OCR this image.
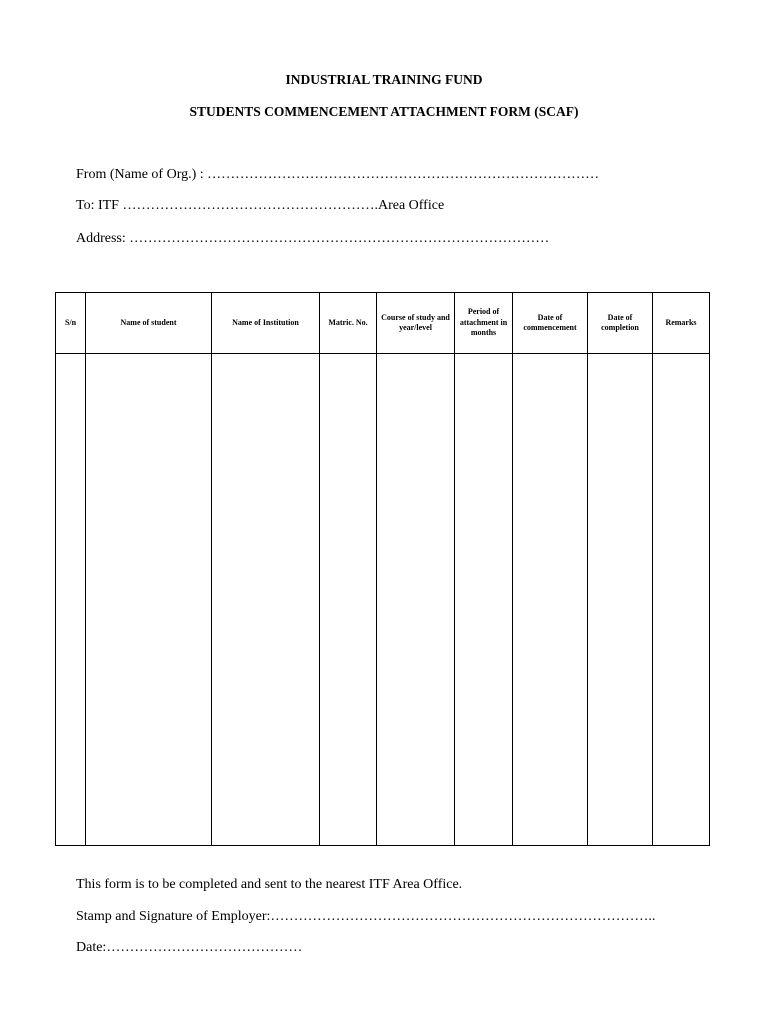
INDUSTRIAL TRAINING FUND
STUDENTS COMMENCEMENT ATTACHMENT FORM (SCAF)
From (Name of Org.) : …………………………………………………………………………
To: ITF ……………………………………………….Area Office
Address: ………………………………………………………………………………
S/n	Name of student	Name of Institution	Matric. No.	Course of study and year/level	Period of attachment in months	Date of commencement	Date of completion	Remarks

This form is to be completed and sent to the nearest ITF Area Office.
Stamp and Signature of Employer:………………………………………………………………………..
Date:……………………………………
